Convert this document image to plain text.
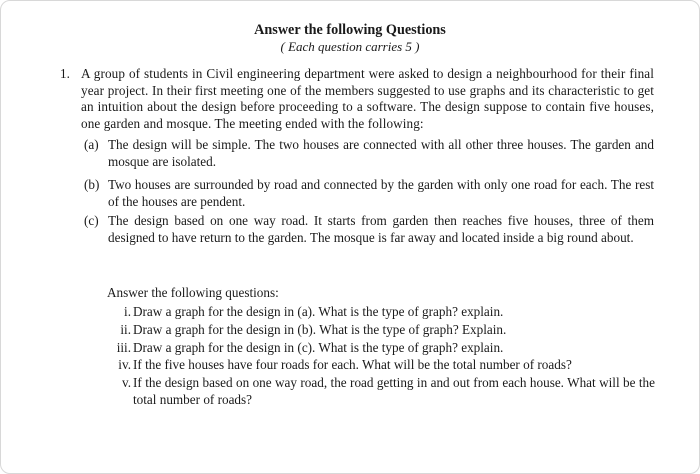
Answer the following Questions
( Each question carries 5 )
1. A group of students in Civil engineering department were asked to design a neighbourhood for their final year project. In their first meeting one of the members suggested to use graphs and its characteristic to get an intuition about the design before proceeding to a software. The design suppose to contain five houses, one garden and mosque. The meeting ended with the following:
(a) The design will be simple. The two houses are connected with all other three houses. The garden and mosque are isolated.
(b) Two houses are surrounded by road and connected by the garden with only one road for each. The rest of the houses are pendent.
(c) The design based on one way road. It starts from garden then reaches five houses, three of them designed to have return to the garden. The mosque is far away and located inside a big round about.
Answer the following questions:
i. Draw a graph for the design in (a). What is the type of graph? explain.
ii. Draw a graph for the design in (b). What is the type of graph? Explain.
iii. Draw a graph for the design in (c). What is the type of graph? explain.
iv. If the five houses have four roads for each. What will be the total number of roads?
v. If the design based on one way road, the road getting in and out from each house. What will be the total number of roads?
